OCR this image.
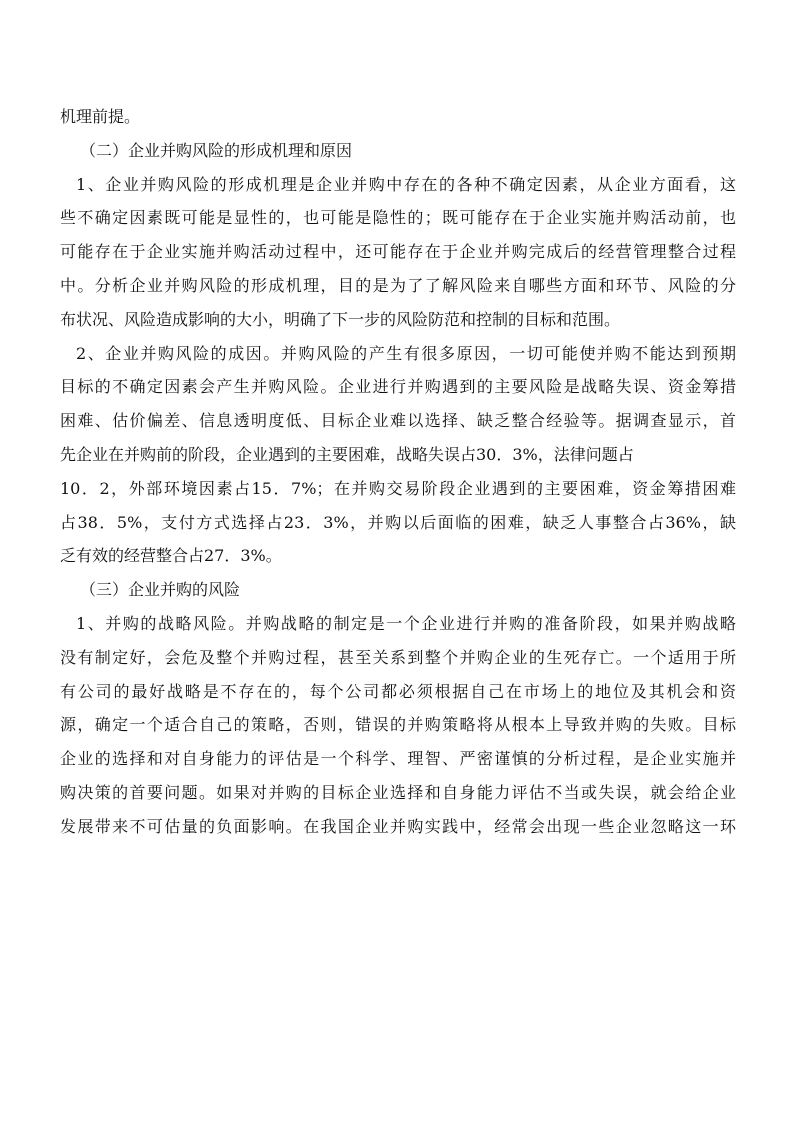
机理前提。
（二）企业并购风险的形成机理和原因
1、企业并购风险的形成机理是企业并购中存在的各种不确定因素，从企业方面看，这
些不确定因素既可能是显性的，也可能是隐性的；既可能存在于企业实施并购活动前，也
可能存在于企业实施并购活动过程中，还可能存在于企业并购完成后的经营管理整合过程
中。分析企业并购风险的形成机理，目的是为了了解风险来自哪些方面和环节、风险的分
布状况、风险造成影响的大小，明确了下一步的风险防范和控制的目标和范围。
2、企业并购风险的成因。并购风险的产生有很多原因，一切可能使并购不能达到预期
目标的不确定因素会产生并购风险。企业进行并购遇到的主要风险是战略失误、资金筹措
困难、估价偏差、信息透明度低、目标企业难以选择、缺乏整合经验等。据调查显示，首
先企业在并购前的阶段，企业遇到的主要困难，战略失误占30．3%，法律问题占
10．2，外部环境因素占15．7%；在并购交易阶段企业遇到的主要困难，资金筹措困难
占38．5%，支付方式选择占23．3%，并购以后面临的困难，缺乏人事整合占36%，缺
乏有效的经营整合占27．3%。
（三）企业并购的风险
1、并购的战略风险。并购战略的制定是一个企业进行并购的准备阶段，如果并购战略
没有制定好，会危及整个并购过程，甚至关系到整个并购企业的生死存亡。一个适用于所
有公司的最好战略是不存在的，每个公司都必须根据自己在市场上的地位及其机会和资
源，确定一个适合自己的策略，否则，错误的并购策略将从根本上导致并购的失败。目标
企业的选择和对自身能力的评估是一个科学、理智、严密谨慎的分析过程，是企业实施并
购决策的首要问题。如果对并购的目标企业选择和自身能力评估不当或失误，就会给企业
发展带来不可估量的负面影响。在我国企业并购实践中，经常会出现一些企业忽略这一环
